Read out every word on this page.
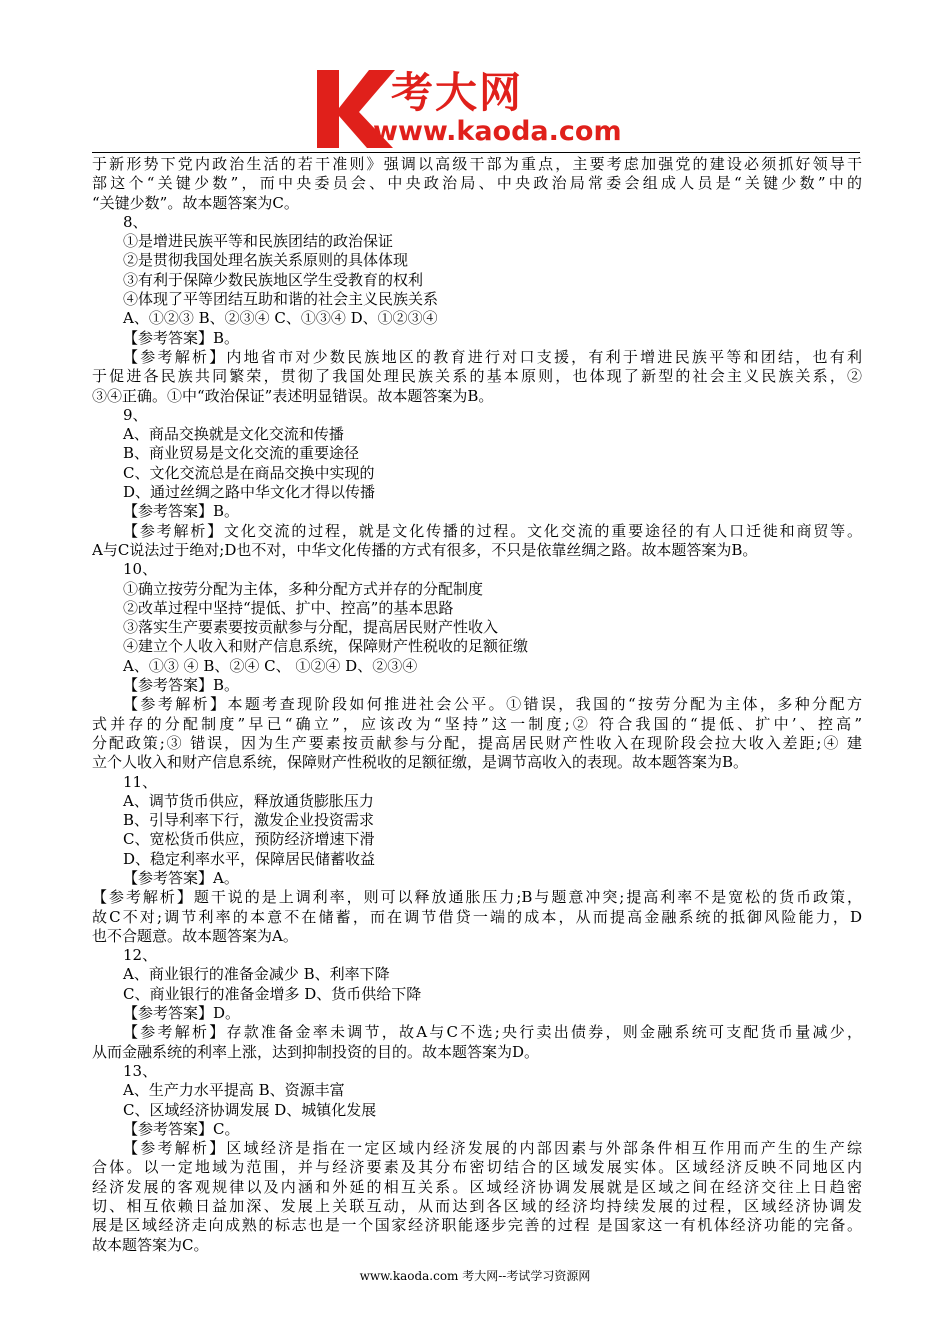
考大网
www.kaoda.com
于新形势下党内政治生活的若干准则》强调以高级干部为重点，主要考虑加强党的建设必须抓好领导干
部这个“关键少数”，而中央委员会、中央政治局、中央政治局常委会组成人员是“关键少数”中的
“关键少数”。故本题答案为C。
8、
①是增进民族平等和民族团结的政治保证
②是贯彻我国处理名族关系原则的具体体现
③有利于保障少数民族地区学生受教育的权利
④体现了平等团结互助和谐的社会主义民族关系
A、①②③ B、②③④ C、①③④ D、①②③④
【参考答案】B。
【参考解析】内地省市对少数民族地区的教育进行对口支援，有利于增进民族平等和团结，也有利
于促进各民族共同繁荣，贯彻了我国处理民族关系的基本原则，也体现了新型的社会主义民族关系，②
③④正确。①中“政治保证”表述明显错误。故本题答案为B。
9、
A、商品交换就是文化交流和传播
B、商业贸易是文化交流的重要途径
C、文化交流总是在商品交换中实现的
D、通过丝绸之路中华文化才得以传播
【参考答案】B。
【参考解析】文化交流的过程，就是文化传播的过程。文化交流的重要途径的有人口迁徙和商贸等。
A与C说法过于绝对;D也不对，中华文化传播的方式有很多，不只是依靠丝绸之路。故本题答案为B。
10、
①确立按劳分配为主体，多种分配方式并存的分配制度
②改革过程中坚持“提低、扩中、控高”的基本思路
③落实生产要素要按贡献参与分配，提高居民财产性收入
④建立个人收入和财产信息系统，保障财产性税收的足额征缴
A、①③ ④ B、②④ C、 ①②④ D、②③④
【参考答案】B。
【参考解析】本题考查现阶段如何推进社会公平。①错误，我国的“按劳分配为主体，多种分配方
式并存的分配制度”早已“确立”，应该改为“坚持”这一制度;② 符合我国的“提低、扩中’、控高”
分配政策;③ 错误，因为生产要素按贡献参与分配，提高居民财产性收入在现阶段会拉大收入差距;④ 建
立个人收入和财产信息系统，保障财产性税收的足额征缴，是调节高收入的表现。故本题答案为B。
11、
A、调节货币供应，释放通货膨胀压力
B、引导利率下行，激发企业投资需求
C、宽松货币供应，预防经济增速下滑
D、稳定利率水平，保障居民储蓄收益
【参考答案】A。
【参考解析】题干说的是上调利率，则可以释放通胀压力;B与题意冲突;提高利率不是宽松的货币政策，
故C不对;调节利率的本意不在储蓄，而在调节借贷一端的成本，从而提高金融系统的抵御风险能力，D
也不合题意。故本题答案为A。
12、
A、商业银行的准备金减少 B、利率下降
C、商业银行的准备金增多 D、货币供给下降
【参考答案】D。
【参考解析】存款准备金率未调节，故A与C不选;央行卖出债券，则金融系统可支配货币量减少，
从而金融系统的利率上涨，达到抑制投资的目的。故本题答案为D。
13、
A、生产力水平提高 B、资源丰富
C、区域经济协调发展 D、城镇化发展
【参考答案】C。
【参考解析】区域经济是指在一定区域内经济发展的内部因素与外部条件相互作用而产生的生产综
合体。以一定地域为范围，并与经济要素及其分布密切结合的区域发展实体。区域经济反映不同地区内
经济发展的客观规律以及内涵和外延的相互关系。区域经济协调发展就是区域之间在经济交往上日趋密
切、相互依赖日益加深、发展上关联互动，从而达到各区域的经济均持续发展的过程，区域经济协调发
展是区域经济走向成熟的标志也是一个国家经济职能逐步完善的过程 是国家这一有机体经济功能的完备。
故本题答案为C。
www.kaoda.com 考大网--考试学习资源网
